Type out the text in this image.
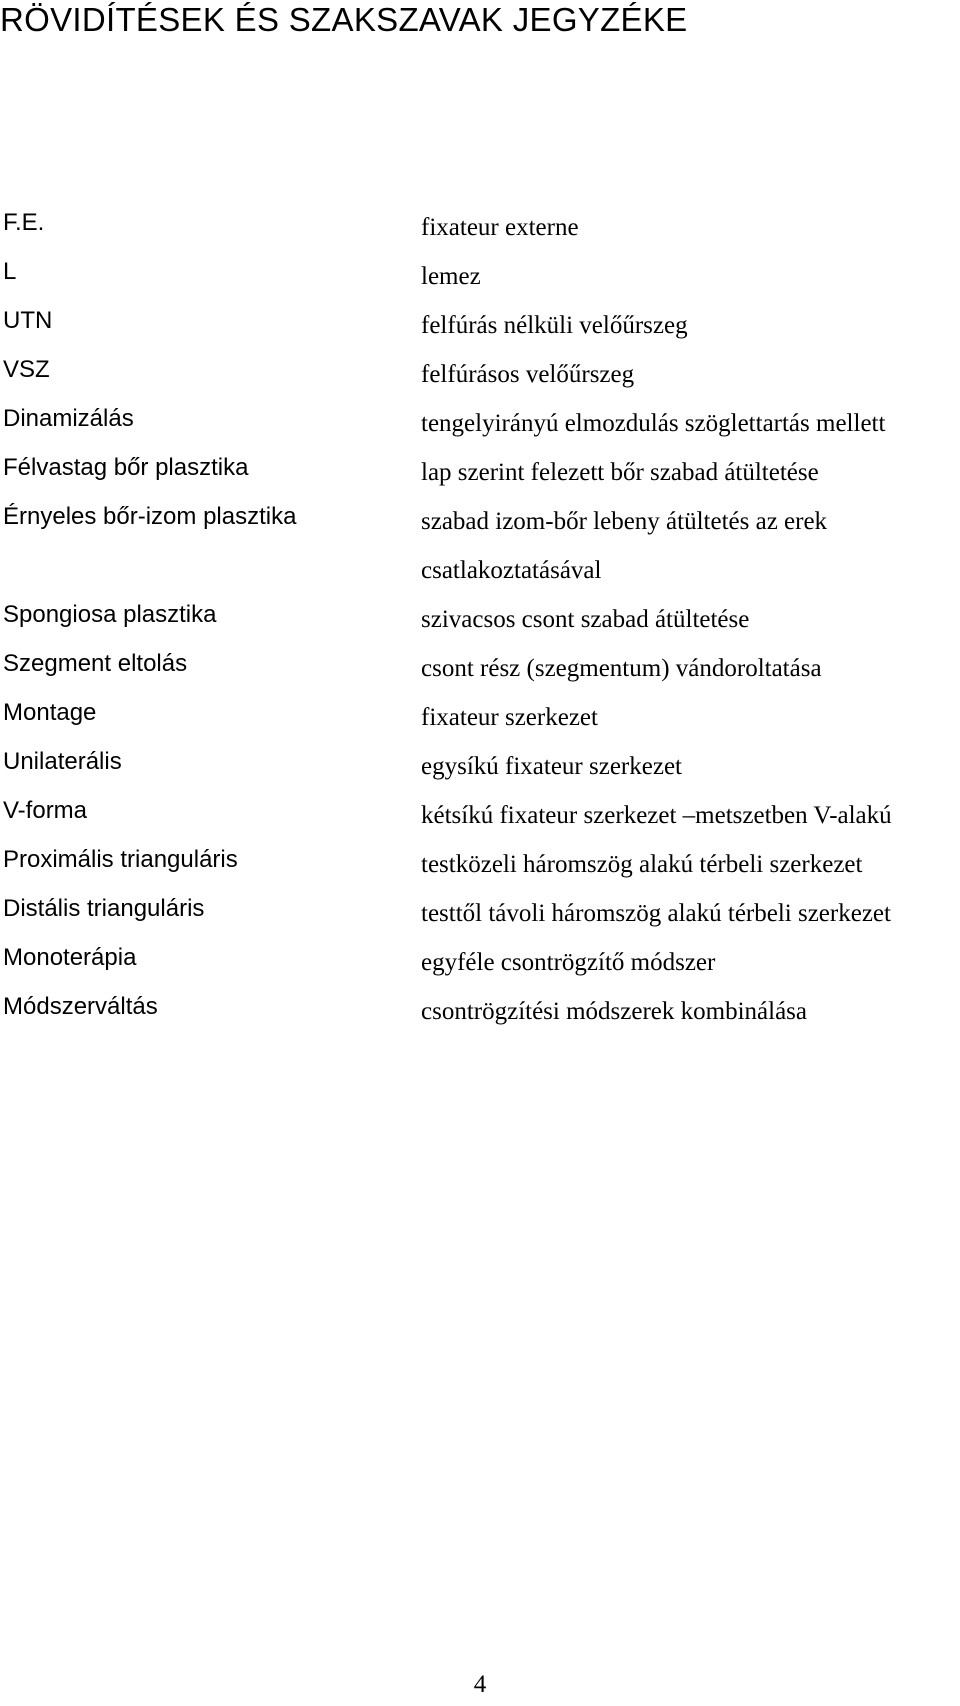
RÖVIDÍTÉSEK ÉS SZAKSZAVAK JEGYZÉKE
F.E.	fixateur externe
L	lemez
UTN	felfúrás nélküli velőűrszeg
VSZ	felfúrásos velőűrszeg
Dinamizálás	tengelyirányú elmozdulás szöglettartás mellett
Félvastag bőr plasztika	lap szerint felezett bőr szabad átültetése
Érnyeles bőr-izom plasztika	szabad izom-bőr lebeny átültetés az erek
csatlakoztatásával
Spongiosa plasztika	szivacsos csont szabad átültetése
Szegment eltolás	csont rész (szegmentum) vándoroltatása
Montage	fixateur szerkezet
Unilaterális	egysíkú fixateur szerkezet
V-forma	kétsíkú fixateur szerkezet –metszetben V-alakú
Proximális trianguláris	testközeli háromszög alakú térbeli szerkezet
Distális trianguláris	testtől távoli háromszög alakú térbeli szerkezet
Monoterápia	egyféle csontrögzítő módszer
Módszerváltás	csontrögzítési módszerek kombinálása
4
